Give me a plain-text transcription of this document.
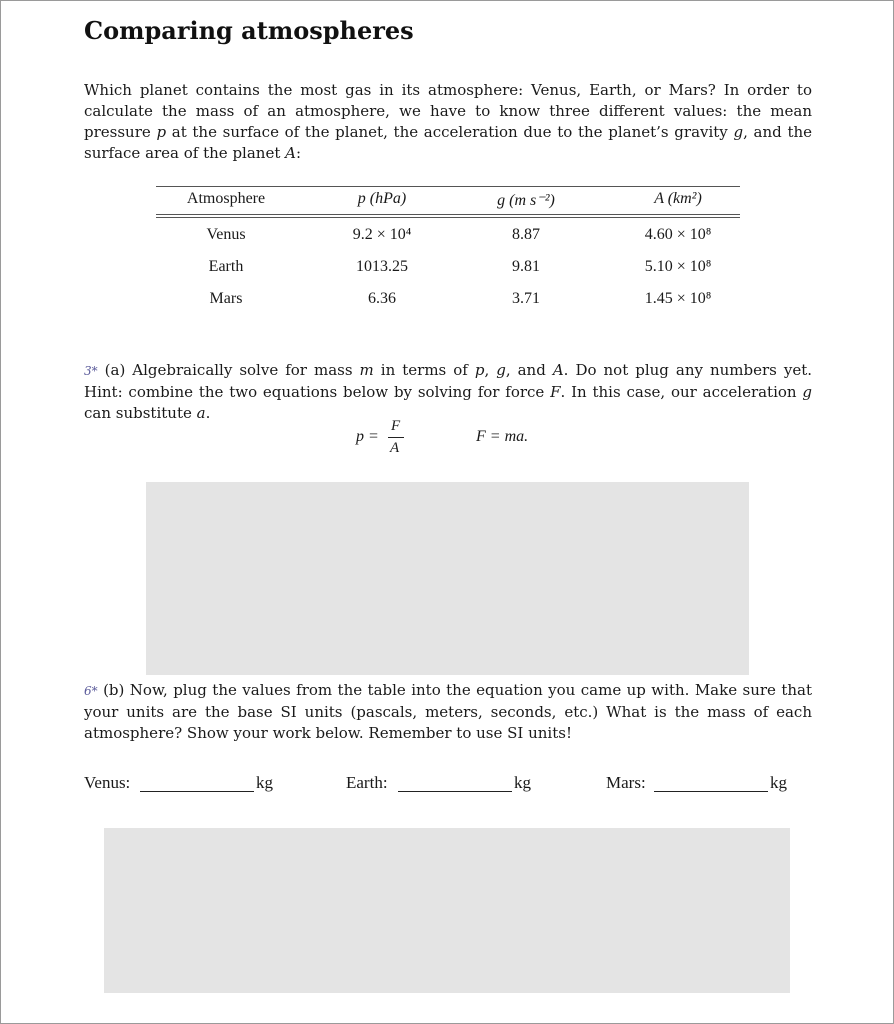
Comparing atmospheres

Which planet contains the most gas in its atmosphere: Venus, Earth, or Mars? In order to calculate the mass of an atmosphere, we have to know three different values: the mean pressure p at the surface of the planet, the acceleration due to the planet’s gravity g, and the surface area of the planet A:

Atmosphere	p (hPa)	g (m s⁻²)	A (km²)
Venus	9.2 × 10⁴	8.87	4.60 × 10⁸
Earth	1013.25	9.81	5.10 × 10⁸
Mars	6.36	3.71	1.45 × 10⁸

3* (a) Algebraically solve for mass m in terms of p, g, and A. Do not plug any numbers yet. Hint: combine the two equations below by solving for force F. In this case, our acceleration g can substitute a.

p =
F
A
F = ma.

6* (b) Now, plug the values from the table into the equation you came up with. Make sure that your units are the base SI units (pascals, meters, seconds, etc.) What is the mass of each atmosphere? Show your work below. Remember to use SI units!

Venus:	kg	Earth:	kg	Mars:	kg
